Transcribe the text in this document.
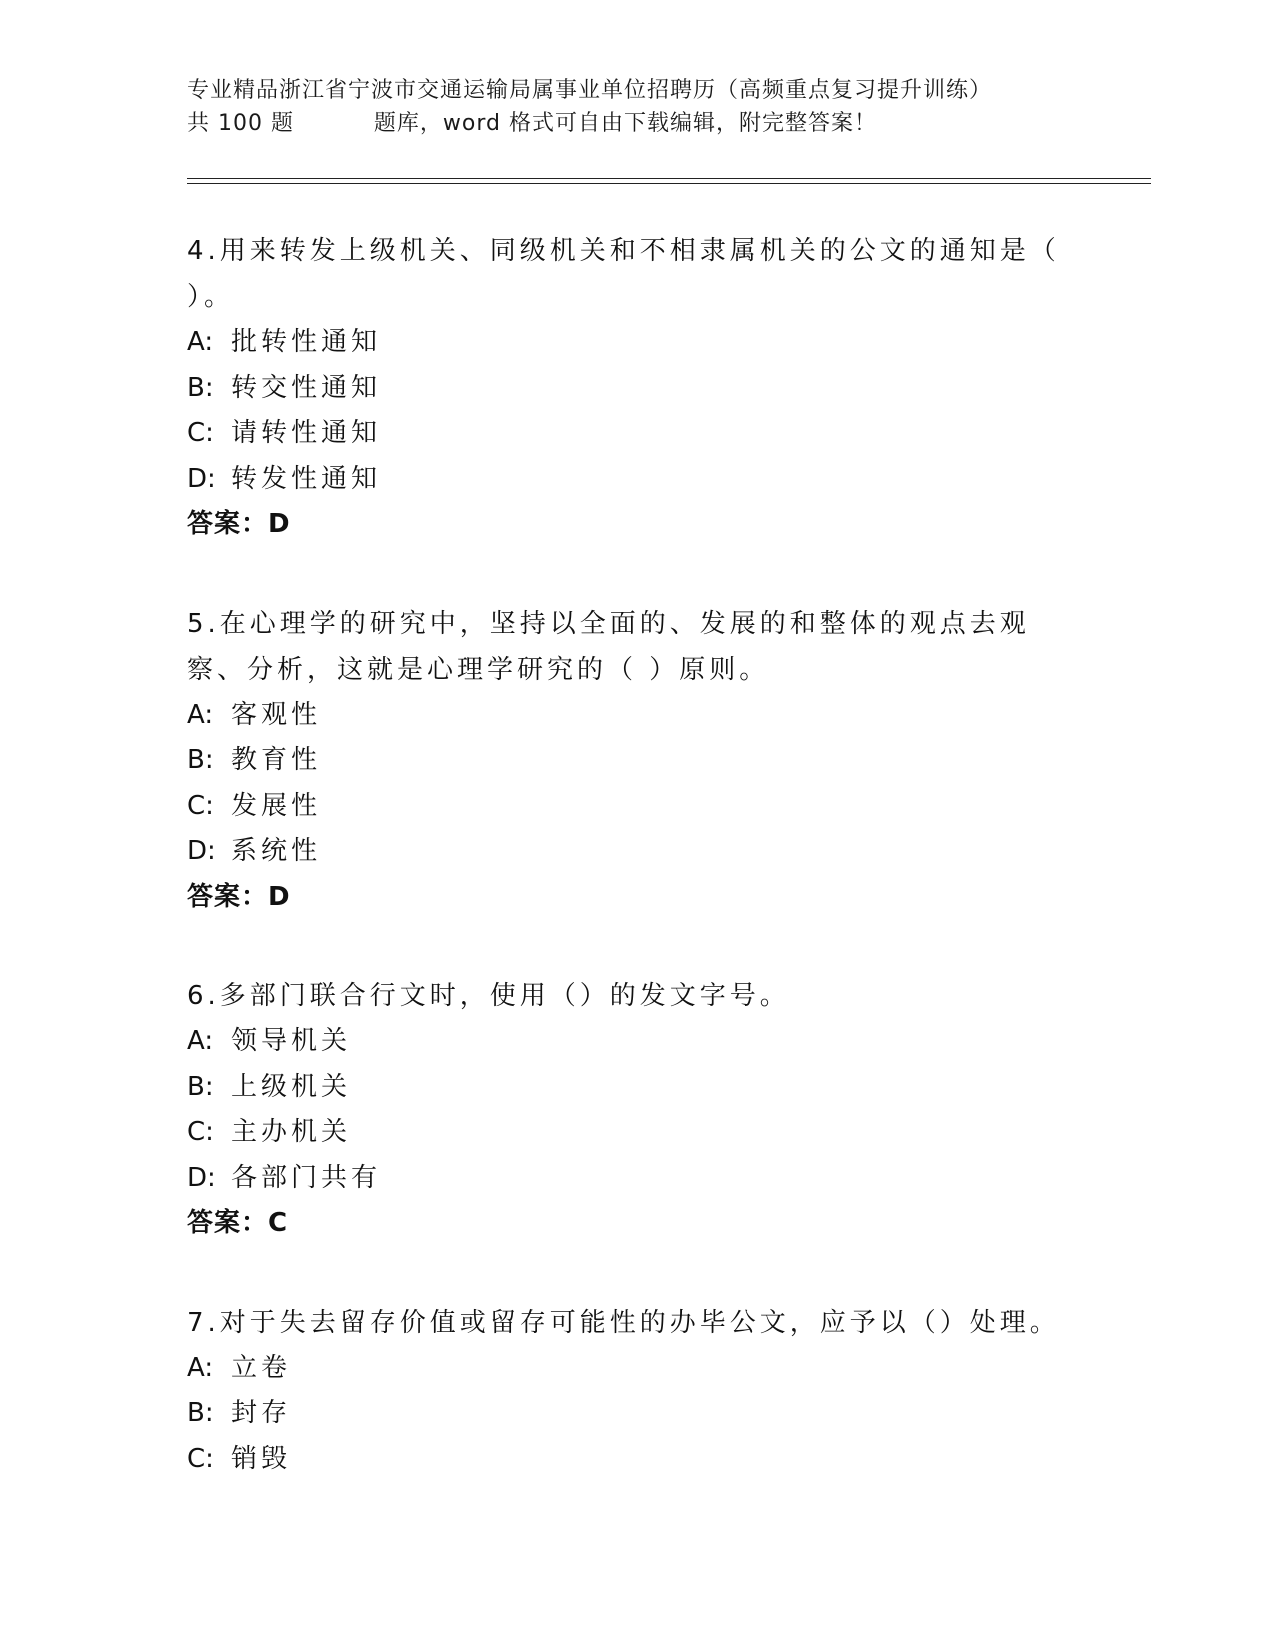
专业精品浙江省宁波市交通运输局属事业单位招聘历（高频重点复习提升训练）
共 100 题          题库，word 格式可自由下载编辑，附完整答案！

4.用来转发上级机关、同级机关和不相隶属机关的公文的通知是（ ）。

A: 批转性通知

B: 转交性通知

C: 请转性通知

D: 转发性通知

答案：D

5.在心理学的研究中，坚持以全面的、发展的和整体的观点去观察、分析，这就是心理学研究的（ ）原则。

A: 客观性

B: 教育性

C: 发展性

D: 系统性

答案：D

6.多部门联合行文时，使用（）的发文字号。

A: 领导机关

B: 上级机关

C: 主办机关

D: 各部门共有

答案：C

7.对于失去留存价值或留存可能性的办毕公文，应予以（）处理。

A: 立卷

B: 封存

C: 销毁
